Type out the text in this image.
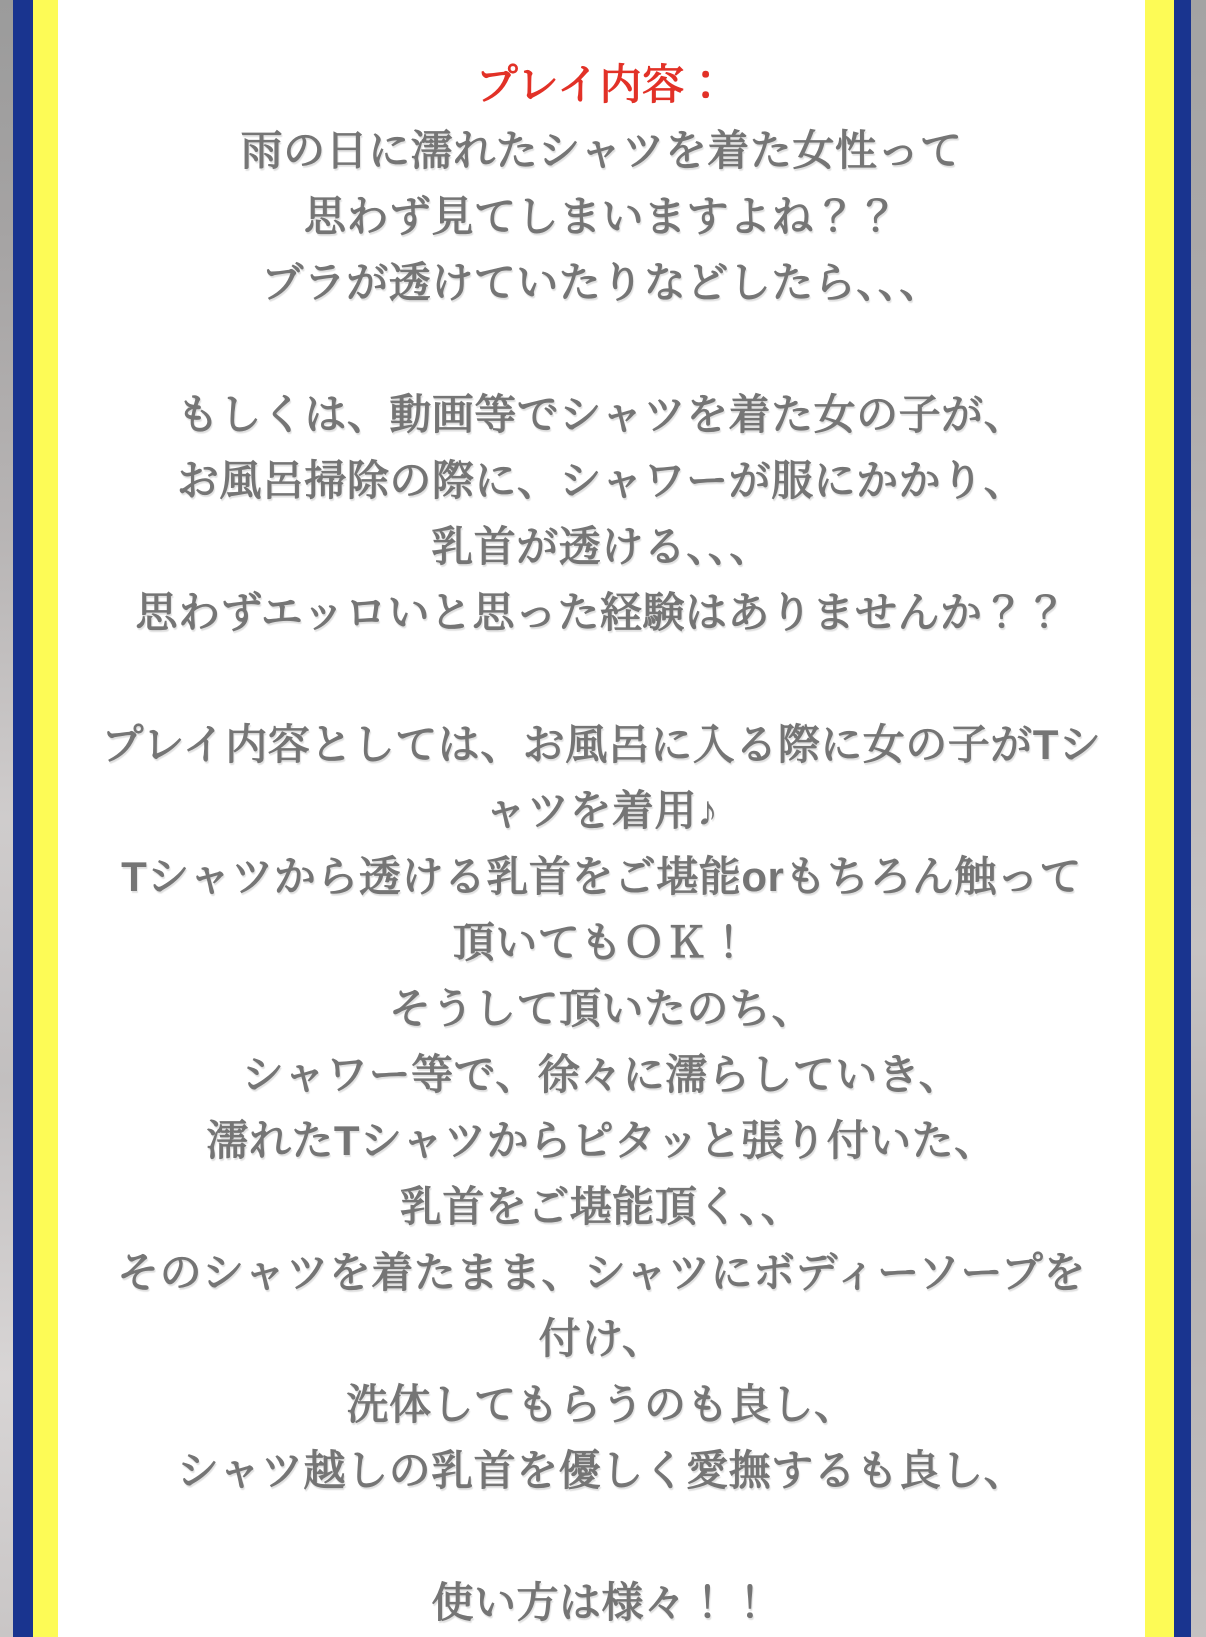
プレイ内容：
雨の日に濡れたシャツを着た女性って
思わず見てしまいますよね？？
ブラが透けていたりなどしたら、、、
もしくは、動画等でシャツを着た女の子が、
お風呂掃除の際に、シャワーが服にかかり、
乳首が透ける、、、
思わずエッロいと思った経験はありませんか？？
プレイ内容としては、お風呂に入る際に女の子がTシ
ャツを着用♪
Tシャツから透ける乳首をご堪能orもちろん触って
頂いてもＯＫ！
そうして頂いたのち、
シャワー等で、徐々に濡らしていき、
濡れたTシャツからピタッと張り付いた、
乳首をご堪能頂く、、
そのシャツを着たまま、シャツにボディーソープを
付け、
洗体してもらうのも良し、
シャツ越しの乳首を優しく愛撫するも良し、
使い方は様々！！
